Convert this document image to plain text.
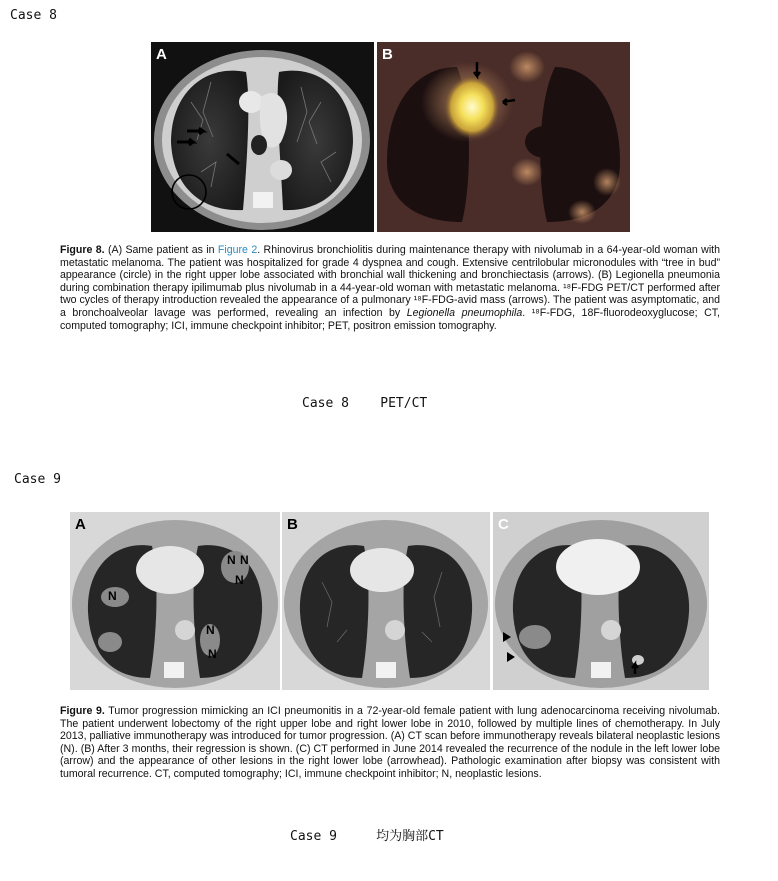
Case 8
A	B
Figure 8. (A) Same patient as in Figure 2. Rhinovirus bronchiolitis during maintenance therapy with nivolumab in a 64-year-old woman with metastatic melanoma. The patient was hospitalized for grade 4 dyspnea and cough. Extensive centrilobular micronodules with “tree in bud” appearance (circle) in the right upper lobe associated with bronchial wall thickening and bronchiectasis (arrows). (B) Legionella pneumonia during combination therapy ipilimumab plus nivolumab in a 44-year-old woman with metastatic melanoma. ¹⁸F-FDG PET/CT performed after two cycles of therapy introduction revealed the appearance of a pulmonary ¹⁸F-FDG-avid mass (arrows). The patient was asymptomatic, and a bronchoalveolar lavage was performed, revealing an infection by Legionella pneumophila. ¹⁸F-FDG, 18F-fluorodeoxyglucose; CT, computed tomography; ICI, immune checkpoint inhibitor; PET, positron emission tomography.
Case 8    PET/CT
Case 9
N
N N
N
N
N
A	B	C
Figure 9. Tumor progression mimicking an ICI pneumonitis in a 72-year-old female patient with lung adenocarcinoma receiving nivolumab. The patient underwent lobectomy of the right upper lobe and right lower lobe in 2010, followed by multiple lines of chemotherapy. In July 2013, palliative immunotherapy was introduced for tumor progression. (A) CT scan before immunotherapy reveals bilateral neoplastic lesions (N). (B) After 3 months, their regression is shown. (C) CT performed in June 2014 revealed the recurrence of the nodule in the left lower lobe (arrow) and the appearance of other lesions in the right lower lobe (arrowhead). Pathologic examination after biopsy was consistent with tumoral recurrence. CT, computed tomography; ICI, immune checkpoint inhibitor; N, neoplastic lesions.
Case 9     均为胸部CT
